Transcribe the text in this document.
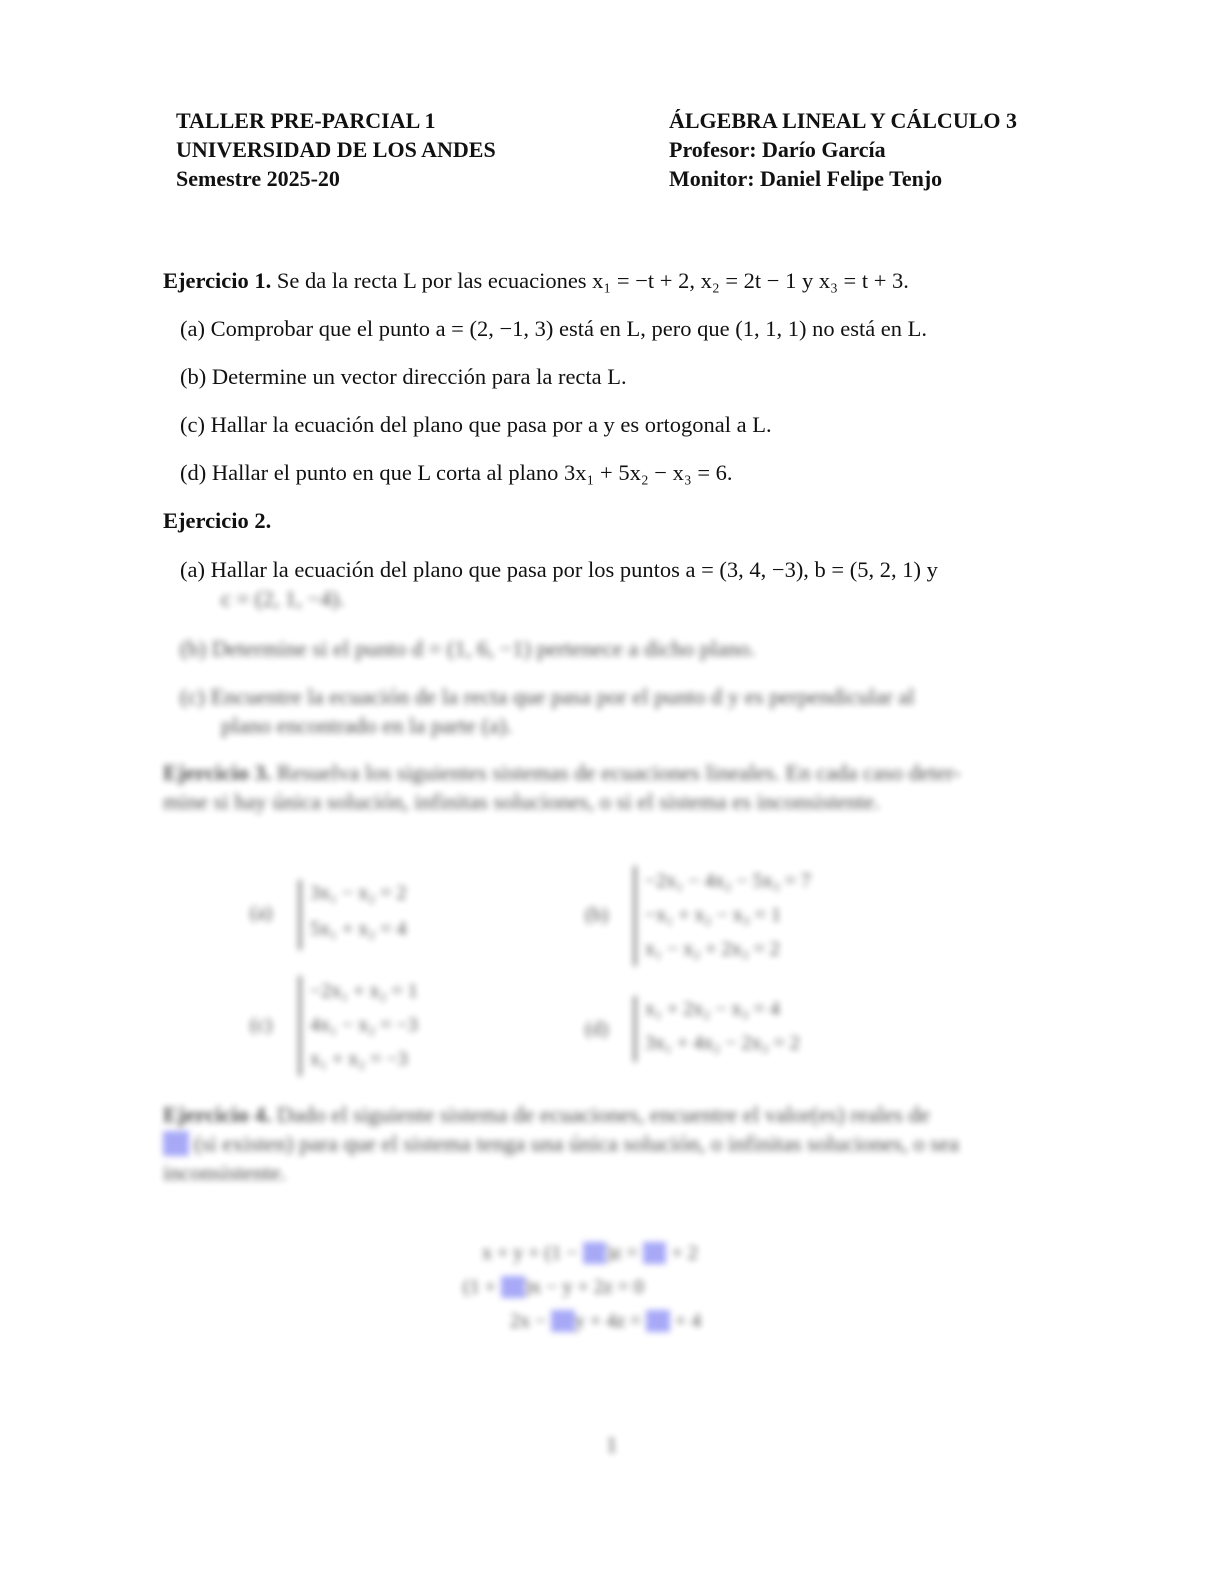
TALLER PRE-PARCIAL 1
UNIVERSIDAD DE LOS ANDES
Semestre 2025-20
ÁLGEBRA LINEAL Y CÁLCULO 3
Profesor: Darío García
Monitor: Daniel Felipe Tenjo
Ejercicio 1. Se da la recta L por las ecuaciones x₁ = −t + 2, x₂ = 2t − 1 y x₃ = t + 3.
(a) Comprobar que el punto a = (2, −1, 3) está en L, pero que (1, 1, 1) no está en L.
(b) Determine un vector dirección para la recta L.
(c) Hallar la ecuación del plano que pasa por a y es ortogonal a L.
(d) Hallar el punto en que L corta al plano 3x₁ + 5x₂ − x₃ = 6.
Ejercicio 2.
(a) Hallar la ecuación del plano que pasa por los puntos a = (3, 4, −3), b = (5, 2, 1) y
c = (2, 1, −4).
(b) Determine si el punto d = (1, 6, −1) pertenece a dicho plano.
(c) Encuentre la ecuación de la recta que pasa por el punto d y es perpendicular al
plano encontrado en la parte (a).
Ejercicio 3. Resuelva los siguientes sistemas de ecuaciones lineales. En cada caso deter-
mine si hay única solución, infinitas soluciones, o si el sistema es inconsistente.
(a)
3x₁ − x₂ = 2
5x₁ + x₂ = 4
(b)
−2x₁ − 4x₂ − 5x₃ = 7
−x₁ + x₂ − x₃ = 1
x₁ − x₂ + 2x₃ = 2
(c)
−2x₁ + x₂ = 1
4x₁ − x₂ = −3
x₁ + x₂ = −3
(d)
x₁ + 2x₂ − x₃ = 4
3x₁ + 4x₂ − 2x₃ = 2
Ejercicio 4. Dado el siguiente sistema de ecuaciones, encuentre el valor(es) reales de
m (si existen) para que el sistema tenga una única solución, o infinitas soluciones, o sea
inconsistente.
x + y + (1 − m )z = m + 2
(1 + m )x − y + 2z = 0
2x − m y + 4z = m + 4
1
